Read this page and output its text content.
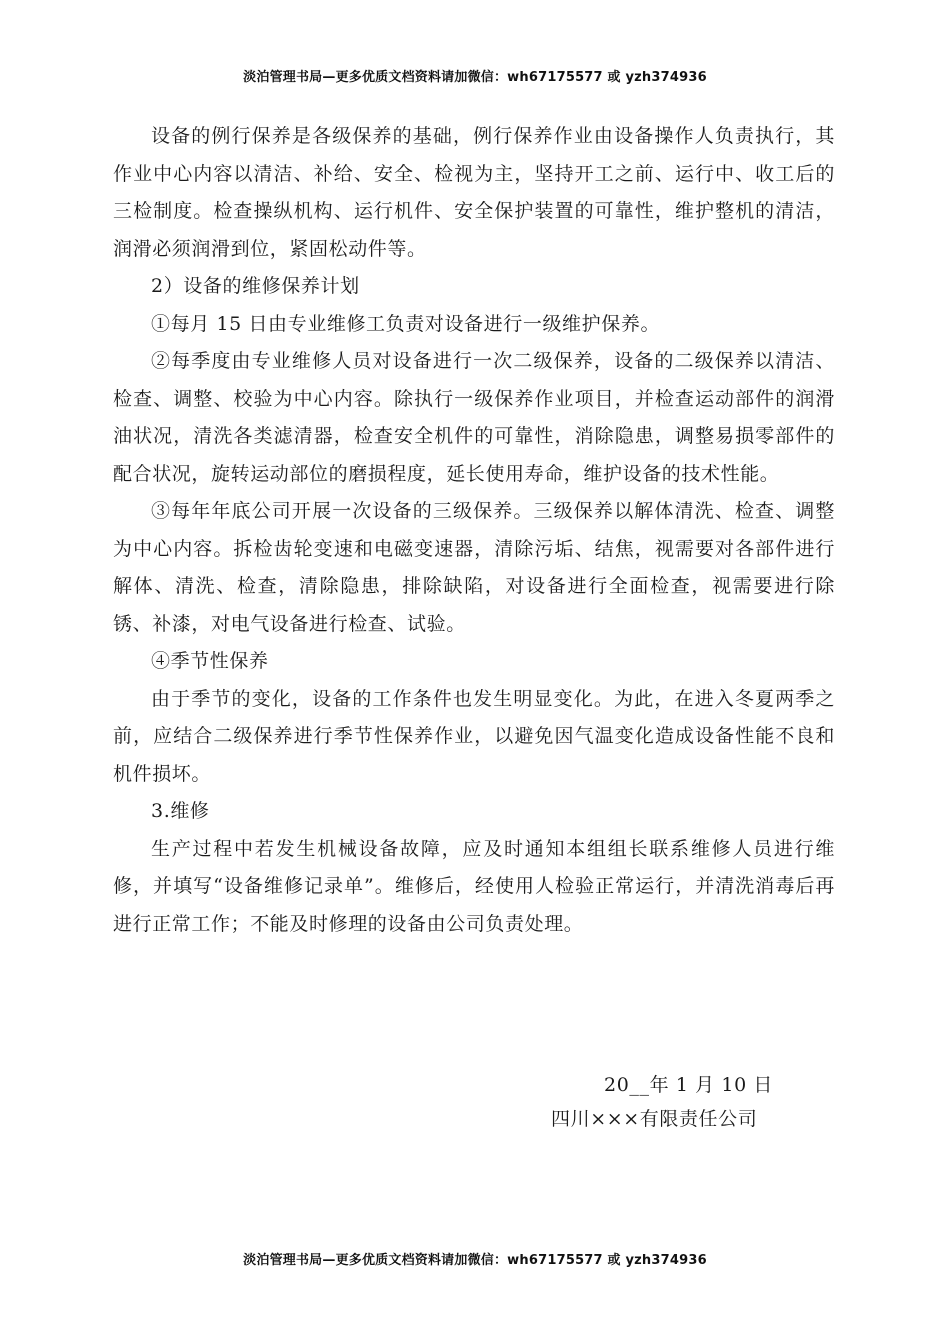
淡泊管理书局—更多优质文档资料请加微信：wh67175577 或 yzh374936

设备的例行保养是各级保养的基础，例行保养作业由设备操作人负责执行，其作业中心内容以清洁、补给、安全、检视为主，坚持开工之前、运行中、收工后的三检制度。检查操纵机构、运行机件、安全保护装置的可靠性，维护整机的清洁，润滑必须润滑到位，紧固松动件等。

2）设备的维修保养计划

①每月 15 日由专业维修工负责对设备进行一级维护保养。

②每季度由专业维修人员对设备进行一次二级保养，设备的二级保养以清洁、检查、调整、校验为中心内容。除执行一级保养作业项目，并检查运动部件的润滑油状况，清洗各类滤清器，检查安全机件的可靠性，消除隐患，调整易损零部件的配合状况，旋转运动部位的磨损程度，延长使用寿命，维护设备的技术性能。

③每年年底公司开展一次设备的三级保养。三级保养以解体清洗、检查、调整为中心内容。拆检齿轮变速和电磁变速器，清除污垢、结焦，视需要对各部件进行解体、清洗、检查，清除隐患，排除缺陷，对设备进行全面检查，视需要进行除锈、补漆，对电气设备进行检查、试验。

④季节性保养

由于季节的变化，设备的工作条件也发生明显变化。为此，在进入冬夏两季之前，应结合二级保养进行季节性保养作业，以避免因气温变化造成设备性能不良和机件损坏。

3.维修

生产过程中若发生机械设备故障，应及时通知本组组长联系维修人员进行维修，并填写“设备维修记录单”。维修后，经使用人检验正常运行，并清洗消毒后再进行正常工作；不能及时修理的设备由公司负责处理。

20__年 1 月 10 日
四川×××有限责任公司
淡泊管理书局—更多优质文档资料请加微信：wh67175577 或 yzh374936
